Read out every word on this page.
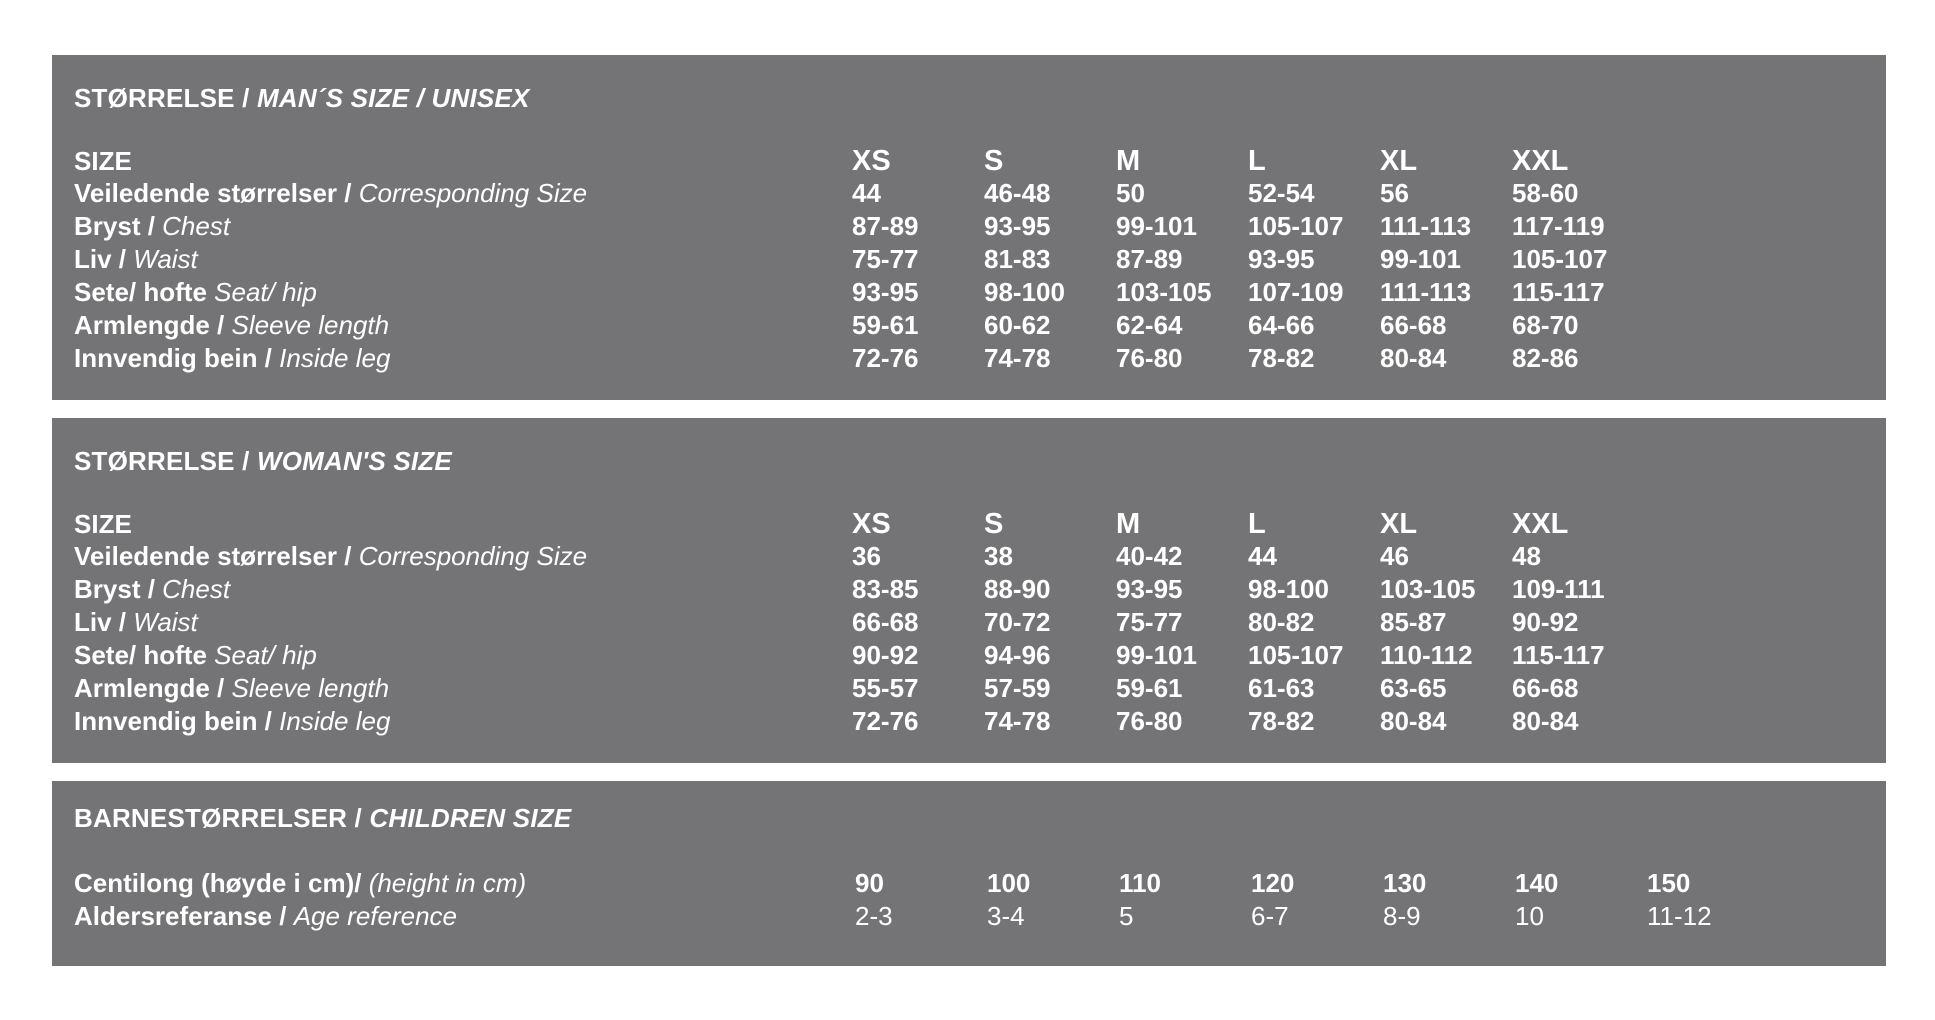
STØRRELSE / MAN´S SIZE / UNISEX
SIZE	XS	S	M	L	XL	XXL
Veiledende størrelser / Corresponding Size	44	46-48	50	52-54	56	58-60
Bryst / Chest	87-89	93-95	99-101 105-107 111-113 117-119
Liv / Waist	75-77	81-83	87-89	93-95	99-101 105-107
Sete/ hofte Seat/ hip	93-95	98-100 103-105 107-109 111-113 115-117
Armlengde / Sleeve length	59-61	60-62	62-64	64-66	66-68	68-70
Innvendig bein / Inside leg	72-76	74-78	76-80	78-82	80-84	82-86
STØRRELSE / WOMAN'S SIZE
SIZE	XS	S	M	L	XL	XXL
Veiledende størrelser / Corresponding Size	36	38	40-42	44	46	48
Bryst / Chest	83-85	88-90	93-95	98-100 103-105 109-111
Liv / Waist	66-68	70-72	75-77	80-82	85-87	90-92
Sete/ hofte Seat/ hip	90-92	94-96	99-101 105-107 110-112 115-117
Armlengde / Sleeve length	55-57	57-59	59-61	61-63	63-65	66-68
Innvendig bein / Inside leg	72-76	74-78	76-80	78-82	80-84	80-84
BARNESTØRRELSER / CHILDREN SIZE
Centilong (høyde i cm)/ (height in cm)	90	100	110	120	130	140	150
Aldersreferanse / Age reference	2-3	3-4	5	6-7	8-9	10	11-12
